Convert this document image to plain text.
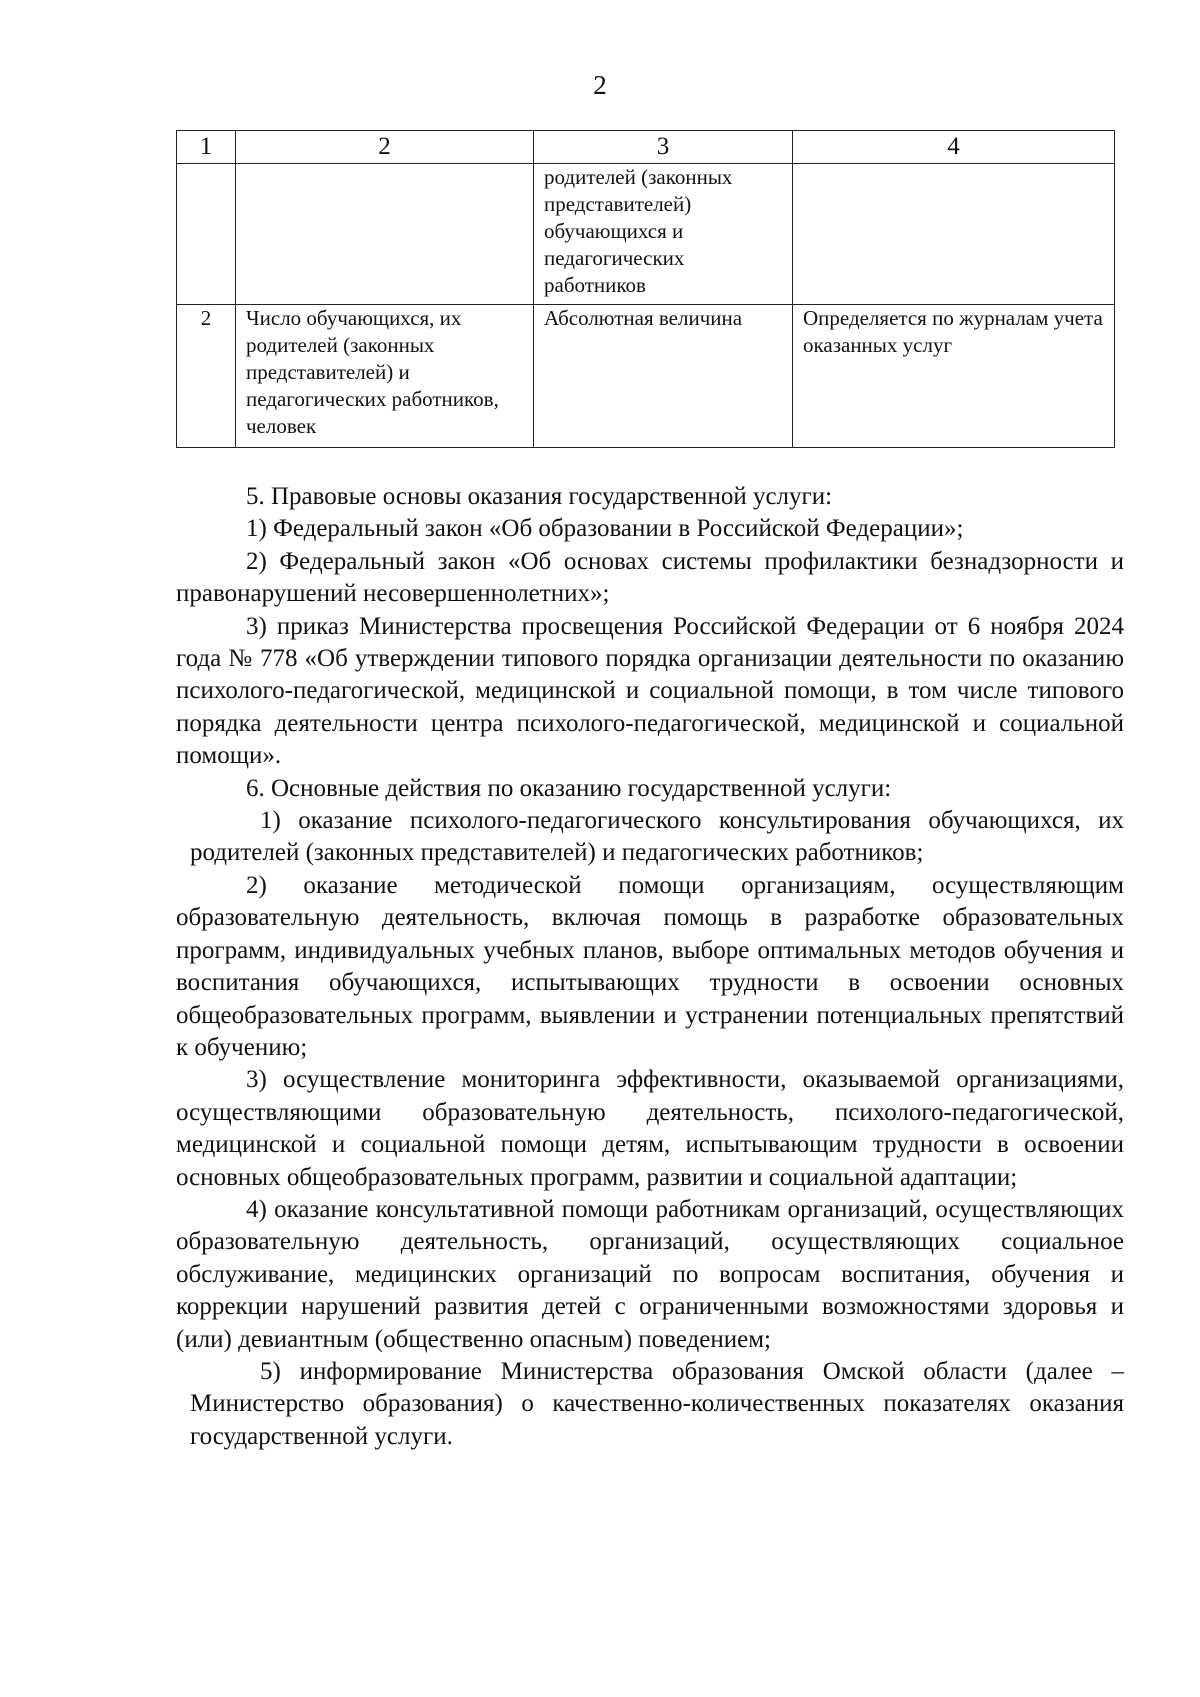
2
1	2	3	4
		родителей (законных представителей) обучающихся и педагогических работников	
2	Число обучающихся, их родителей (законных представителей) и педагогических работников, человек	Абсолютная величина	Определяется по журналам учета оказанных услуг

5. Правовые основы оказания государственной услуги:

1) Федеральный закон «Об образовании в Российской Федерации»;

2) Федеральный закон «Об основах системы профилактики безнадзорности и правонарушений несовершеннолетних»;

3) приказ Министерства просвещения Российской Федерации от 6 ноября 2024 года № 778 «Об утверждении типового порядка организации деятельности по оказанию психолого-педагогической, медицинской и социальной помощи, в том числе типового порядка деятельности центра психолого-педагогической, медицинской и социальной помощи».

6. Основные действия по оказанию государственной услуги:

1) оказание психолого-педагогического консультирования обучающихся, их родителей (законных представителей) и педагогических работников;

2) оказание методической помощи организациям, осуществляющим образовательную деятельность, включая помощь в разработке образовательных программ, индивидуальных учебных планов, выборе оптимальных методов обучения и воспитания обучающихся, испытывающих трудности в освоении основных общеобразовательных программ, выявлении и устранении потенциальных препятствий к обучению;

3) осуществление мониторинга эффективности, оказываемой организациями, осуществляющими образовательную деятельность, психолого-педагогической, медицинской и социальной помощи детям, испытывающим трудности в освоении основных общеобразовательных программ, развитии и социальной адаптации;

4) оказание консультативной помощи работникам организаций, осуществляющих образовательную деятельность, организаций, осуществляющих социальное обслуживание, медицинских организаций по вопросам воспитания, обучения и коррекции нарушений развития детей с ограниченными возможностями здоровья и (или) девиантным (общественно опасным) поведением;

5) информирование Министерства образования Омской области (далее – Министерство образования) о качественно-количественных показателях оказания государственной услуги.
